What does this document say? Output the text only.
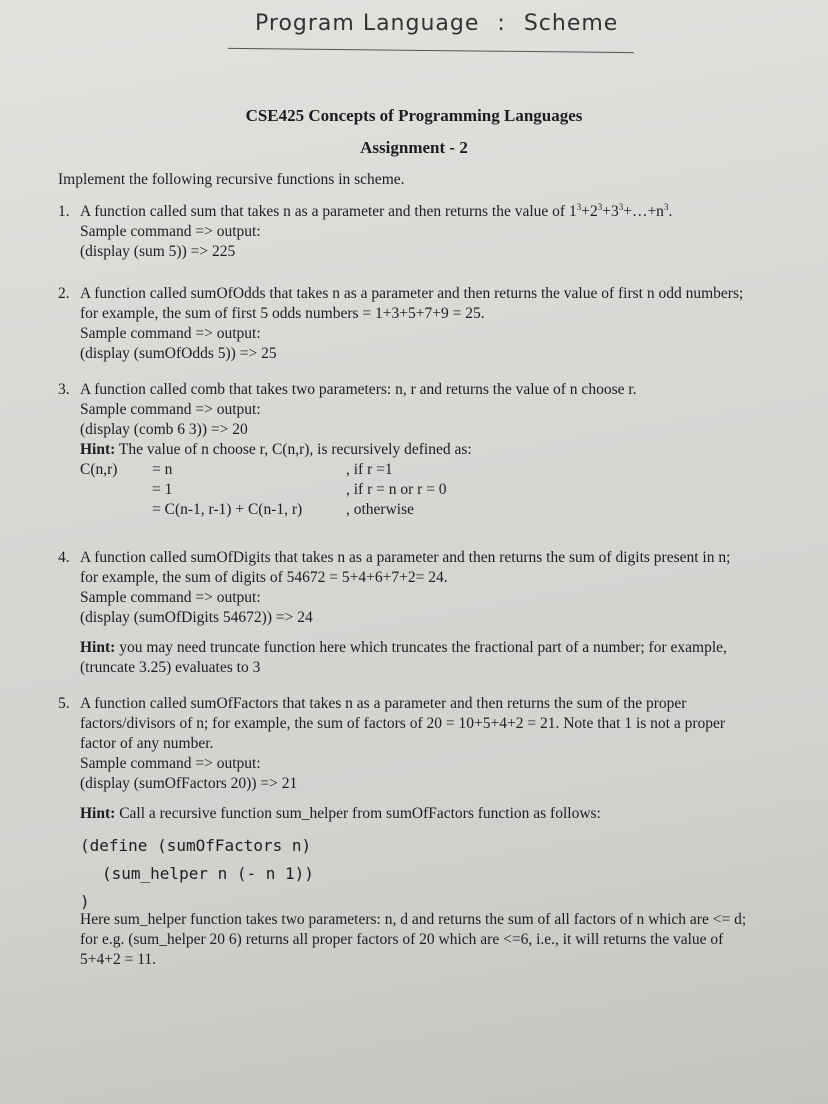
Program Language : Scheme
CSE425 Concepts of Programming Languages
Assignment - 2
Implement the following recursive functions in scheme.
1. A function called sum that takes n as a parameter and then returns the value of $1^3+2^3+3^3+\dots+n^3$.

Sample command => output:

(display (sum 5)) => 225

2. A function called sumOfOdds that takes n as a parameter and then returns the value of first n odd numbers; for example, the sum of first 5 odds numbers = 1+3+5+7+9 = 25.

Sample command => output:

(display (sumOfOdds 5)) => 25

3. A function called comb that takes two parameters: n, r and returns the value of n choose r.

Sample command => output:

(display (comb 6 3)) => 20

Hint: The value of n choose r, C(n,r), is recursively defined as:

C(n,r) = n	, if r =1
= 1	, if r = n or r = 0
= C(n-1, r-1) + C(n-1, r)	, otherwise
4. A function called sumOfDigits that takes n as a parameter and then returns the sum of digits present in n; for example, the sum of digits of 54672 = 5+4+6+7+2= 24.

Sample command => output:

(display (sumOfDigits 54672)) => 24

Hint: you may need truncate function here which truncates the fractional part of a number; for example, (truncate 3.25) evaluates to 3

5. A function called sumOfFactors that takes n as a parameter and then returns the sum of the proper factors/divisors of n; for example, the sum of factors of 20 = 10+5+4+2 = 21. Note that 1 is not a proper factor of any number.

Sample command => output:

(display (sumOfFactors 20)) => 21

Hint: Call a recursive function sum_helper from sumOfFactors function as follows:

(define (sumOfFactors n)
(sum_helper n (- n 1))
)

Here sum_helper function takes two parameters: n, d and returns the sum of all factors of n which are <= d; for e.g. (sum_helper 20 6) returns all proper factors of 20 which are <=6, i.e., it will returns the value of 5+4+2 = 11.
